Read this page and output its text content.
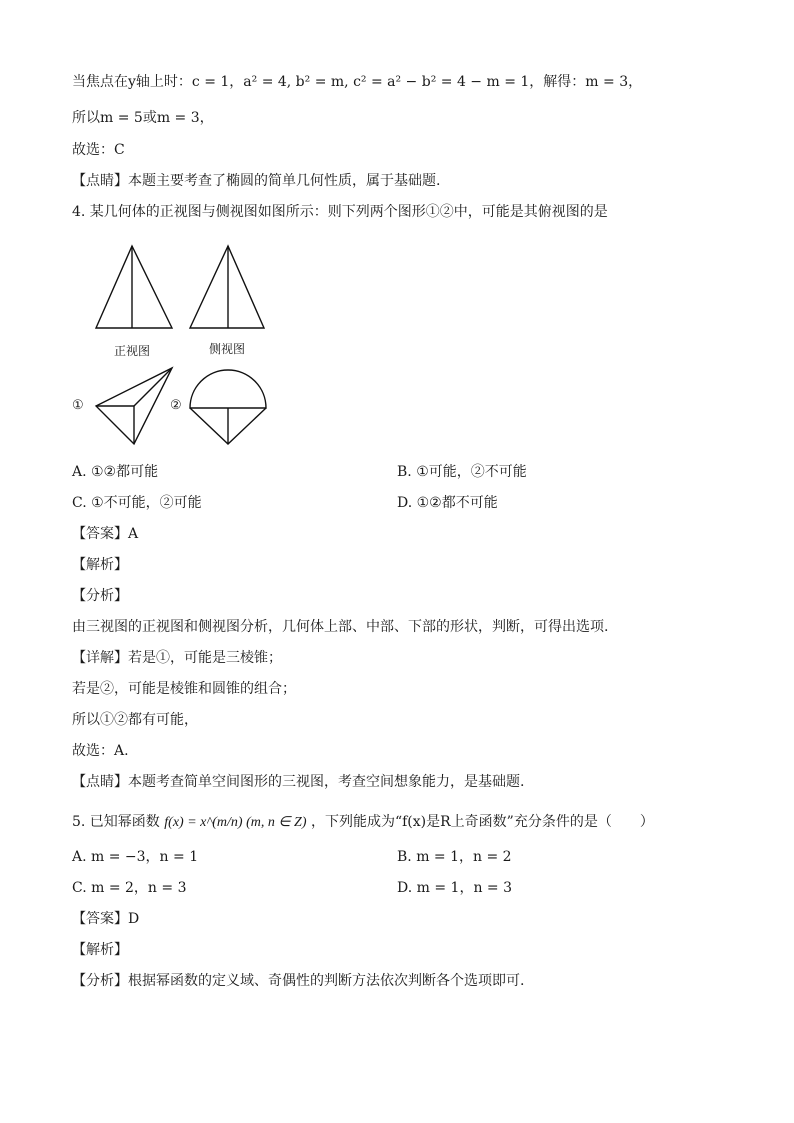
当焦点在y轴上时：c = 1，a² = 4, b² = m, c² = a² − b² = 4 − m = 1，解得：m = 3，
所以m = 5或m = 3，
故选：C
【点睛】本题主要考查了椭圆的简单几何性质，属于基础题.
4. 某几何体的正视图与侧视图如图所示：则下列两个图形①②中，可能是其俯视图的是
正视图	侧视图
①	②
A. ①②都可能	B. ①可能，②不可能
C. ①不可能，②可能	D. ①②都不可能
【答案】A
【解析】
【分析】
由三视图的正视图和侧视图分析，几何体上部、中部、下部的形状，判断，可得出选项.
【详解】若是①，可能是三棱锥；
若是②，可能是棱锥和圆锥的组合；
所以①②都有可能，
故选：A.
【点睛】本题考查简单空间图形的三视图，考查空间想象能力，是基础题.
5. 已知幂函数 f(x) = x^(m/n) (m, n ∈ Z) ，下列能成为“f(x)是R上奇函数”充分条件的是（　　）
A. m = −3，n = 1	B. m = 1，n = 2
C. m = 2，n = 3	D. m = 1，n = 3
【答案】D
【解析】
【分析】根据幂函数的定义域、奇偶性的判断方法依次判断各个选项即可.
